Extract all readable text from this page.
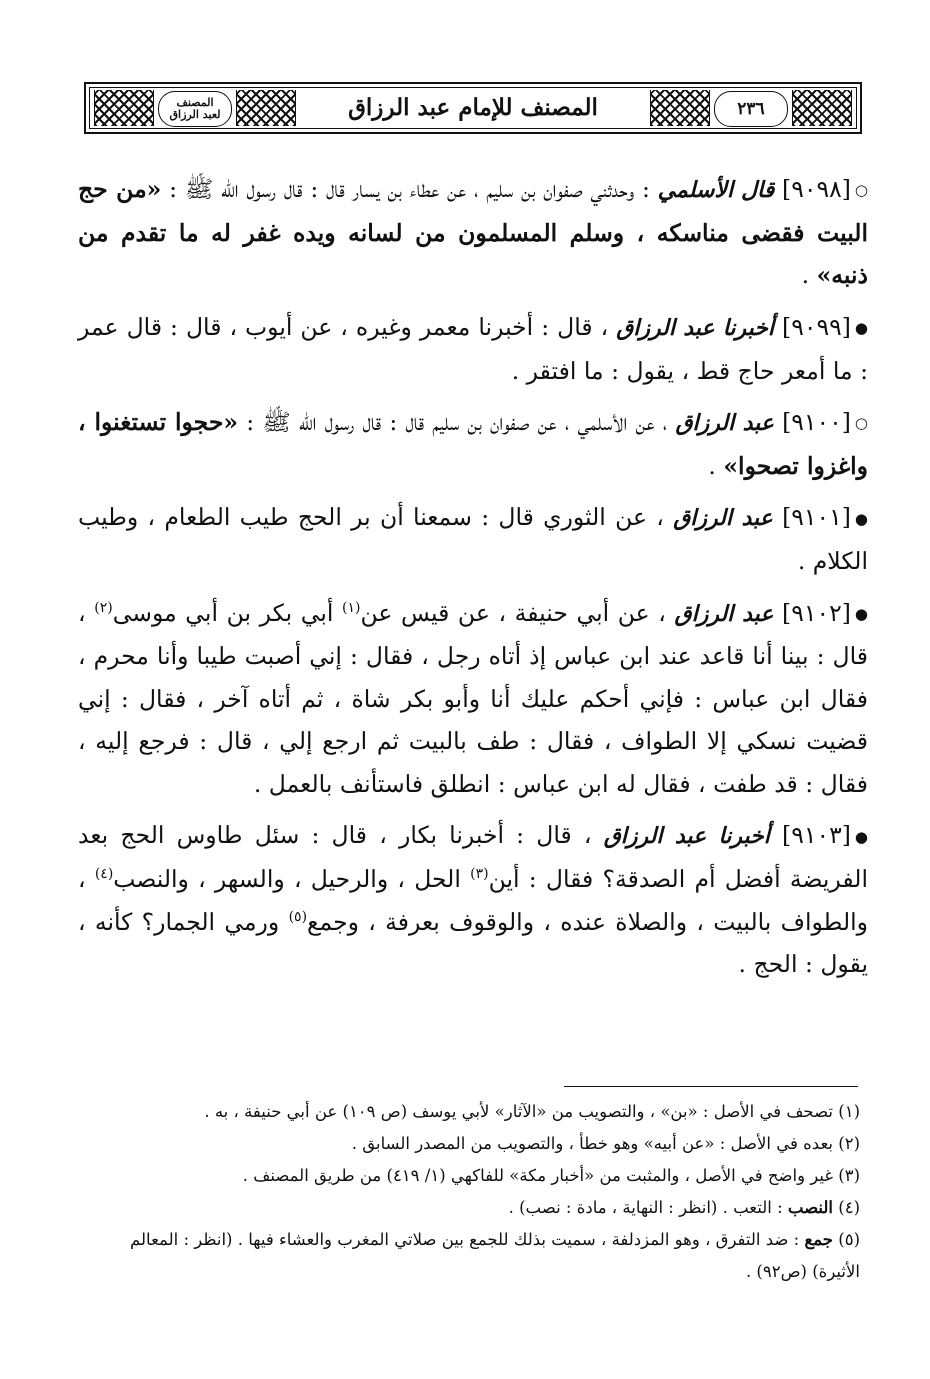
المصنف
لعبد الرزاق	المصنف للإمام عبد الرزاق	٢٣٦

○[٩٠٩٨] قال الأسلمي : وحدثني صفوان بن سليم ، عن عطاء بن يسار قال : قال رسول الله ﷺ : «من حج البيت فقضى مناسكه ، وسلم المسلمون من لسانه ويده غفر له ما تقدم من ذنبه» .

●[٩٠٩٩] أخبرنا عبد الرزاق ، قال : أخبرنا معمر وغيره ، عن أيوب ، قال : قال عمر : ما أمعر حاج قط ، يقول : ما افتقر .

○[٩١٠٠] عبد الرزاق ، عن الأسلمي ، عن صفوان بن سليم قال : قال رسول الله ﷺ : «حجوا تستغنوا ، واغزوا تصحوا» .

●[٩١٠١] عبد الرزاق ، عن الثوري قال : سمعنا أن بر الحج طيب الطعام ، وطيب الكلام .

●[٩١٠٢] عبد الرزاق ، عن أبي حنيفة ، عن قيس عن$^{(١)}$ أبي بكر بن أبي موسى$^{(٢)}$ ، قال : بينا أنا قاعد عند ابن عباس إذ أتاه رجل ، فقال : إني أصبت طيبا وأنا محرم ، فقال ابن عباس : فإني أحكم عليك أنا وأبو بكر شاة ، ثم أتاه آخر ، فقال : إني قضيت نسكي إلا الطواف ، فقال : طف بالبيت ثم ارجع إلي ، قال : فرجع إليه ، فقال : قد طفت ، فقال له ابن عباس : انطلق فاستأنف بالعمل .

●[٩١٠٣] أخبرنا عبد الرزاق ، قال : أخبرنا بكار ، قال : سئل طاوس الحج بعد الفريضة أفضل أم الصدقة؟ فقال : أين$^{(٣)}$ الحل ، والرحيل ، والسهر ، والنصب$^{(٤)}$ ، والطواف بالبيت ، والصلاة عنده ، والوقوف بعرفة ، وجمع$^{(٥)}$ ورمي الجمار؟ كأنه ، يقول : الحج .

(١) تصحف في الأصل : «بن» ، والتصويب من «الآثار» لأبي يوسف (ص ١٠٩) عن أبي حنيفة ، به .

(٢) بعده في الأصل : «عن أبيه» وهو خطأ ، والتصويب من المصدر السابق .

(٣) غير واضح في الأصل ، والمثبت من «أخبار مكة» للفاكهي (١/ ٤١٩) من طريق المصنف .

(٤) النصب : التعب . (انظر : النهاية ، مادة : نصب) .

(٥) جمع : ضد التفرق ، وهو المزدلفة ، سميت بذلك للجمع بين صلاتي المغرب والعشاء فيها . (انظر : المعالم الأثيرة) (ص٩٢) .
